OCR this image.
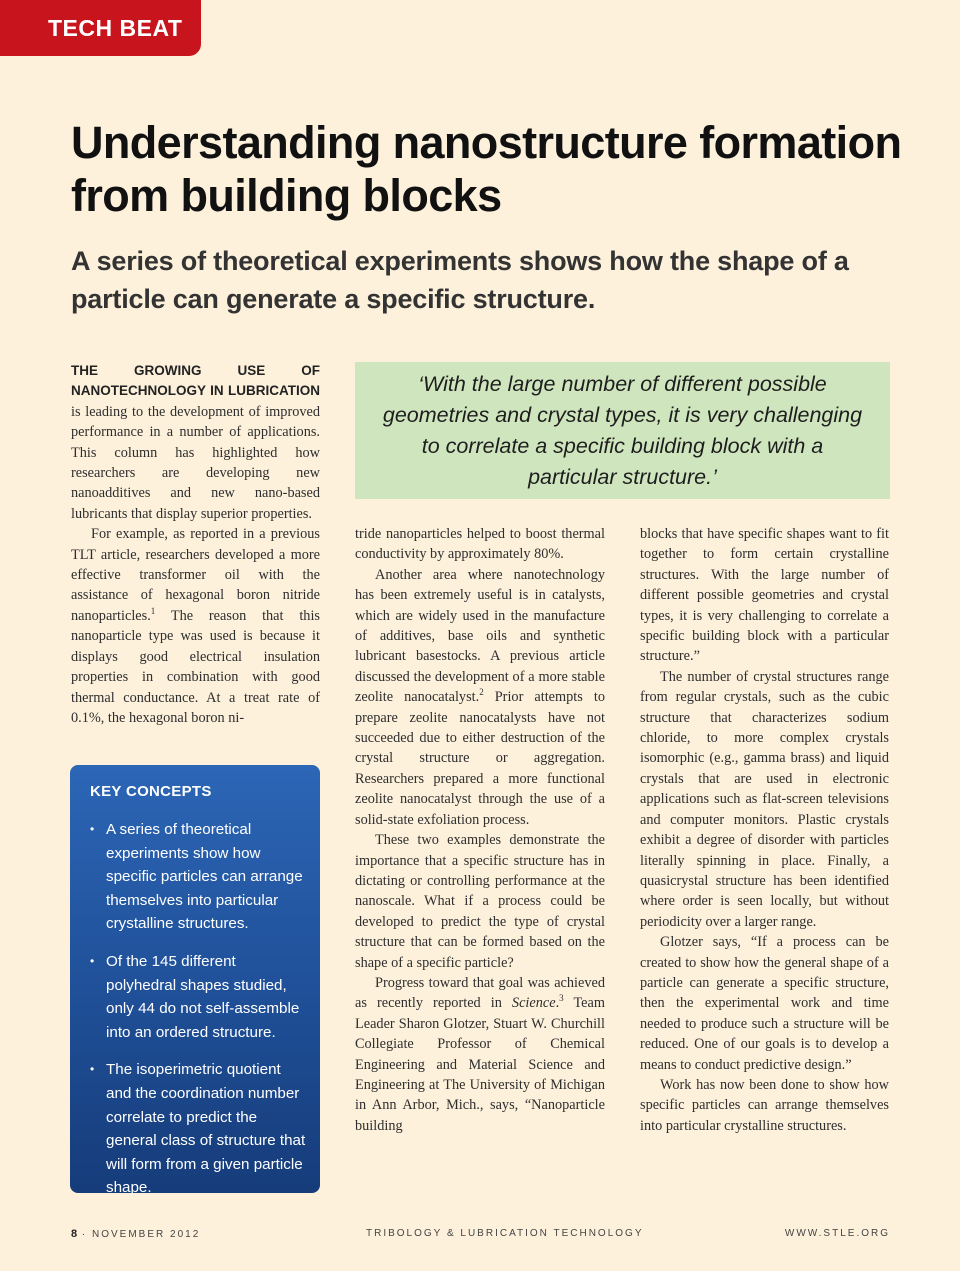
TECH BEAT
Understanding nanostructure formation from building blocks
A series of theoretical experiments shows how the shape of a particle can generate a specific structure.

THE GROWING USE OF NANOTECHNOLOGY IN LUBRICATION is leading to the development of improved performance in a number of applications. This column has highlighted how researchers are developing new nanoadditives and new nano-based lubricants that display superior properties.

For example, as reported in a previous TLT article, researchers developed a more effective transformer oil with the assistance of hexagonal boron nitride nanoparticles.$^1$ The reason that this nanoparticle type was used is because it displays good electrical insulation properties in combination with good thermal conductance. At a treat rate of 0.1%, the hexagonal boron ni-

‘With the large number of different possible geometries and crystal types, it is very challenging to correlate a specific building block with a particular structure.’
KEY CONCEPTS
• A series of theoretical experiments show how specific particles can arrange themselves into particular crystalline structures.
• Of the 145 different polyhedral shapes studied, only 44 do not self-assemble into an ordered structure.
• The isoperimetric quotient and the coordination number correlate to predict the general class of structure that will form from a given particle shape.

tride nanoparticles helped to boost thermal conductivity by approximately 80%.

Another area where nanotechnology has been extremely useful is in catalysts, which are widely used in the manufacture of additives, base oils and synthetic lubricant basestocks. A previous article discussed the development of a more stable zeolite nanocatalyst.$^2$ Prior attempts to prepare zeolite nanocatalysts have not succeeded due to either destruction of the crystal structure or aggregation. Researchers prepared a more functional zeolite nanocatalyst through the use of a solid-state exfoliation process.

These two examples demonstrate the importance that a specific structure has in dictating or controlling performance at the nanoscale. What if a process could be developed to predict the type of crystal structure that can be formed based on the shape of a specific particle?

Progress toward that goal was achieved as recently reported in Science.$^3$ Team Leader Sharon Glotzer, Stuart W. Churchill Collegiate Professor of Chemical Engineering and Material Science and Engineering at The University of Michigan in Ann Arbor, Mich., says, “Nanoparticle building

blocks that have specific shapes want to fit together to form certain crystalline structures. With the large number of different possible geometries and crystal types, it is very challenging to correlate a specific building block with a particular structure.”

The number of crystal structures range from regular crystals, such as the cubic structure that characterizes sodium chloride, to more complex crystals isomorphic (e.g., gamma brass) and liquid crystals that are used in electronic applications such as flat-screen televisions and computer monitors. Plastic crystals exhibit a degree of disorder with particles literally spinning in place. Finally, a quasicrystal structure has been identified where order is seen locally, but without periodicity over a larger range.

Glotzer says, “If a process can be created to show how the general shape of a particle can generate a specific structure, then the experimental work and time needed to produce such a structure will be reduced. One of our goals is to develop a means to conduct predictive design.”

Work has now been done to show how specific particles can arrange themselves into particular crystalline structures.

8 · NOVEMBER 2012	TRIBOLOGY & LUBRICATION TECHNOLOGY	WWW.STLE.ORG
